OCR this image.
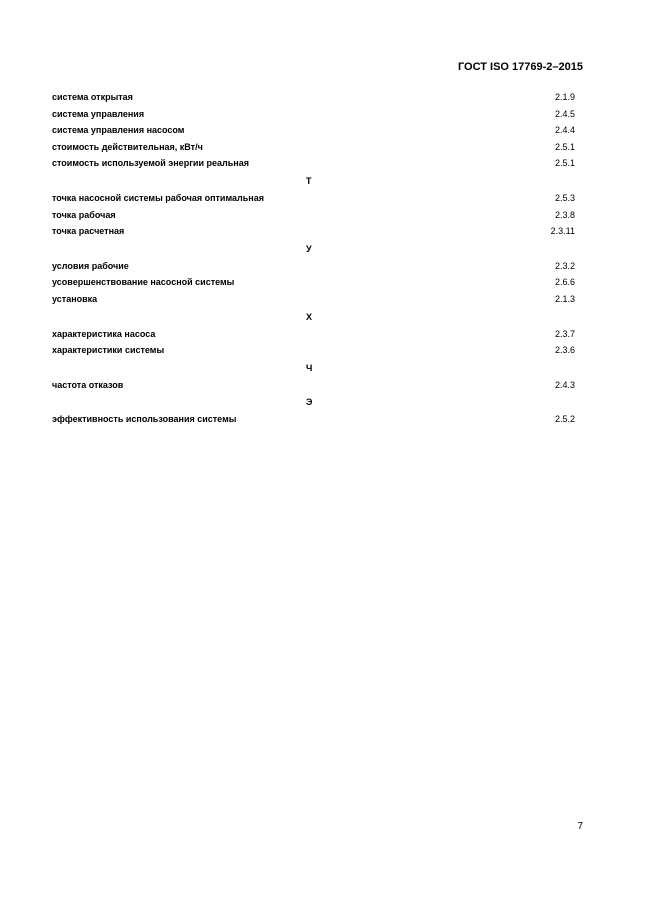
ГОСТ ISO 17769-2–2015
система открытая	2.1.9
система управления	2.4.5
система управления насосом	2.4.4
стоимость действительная, кВт/ч	2.5.1
стоимость используемой энергии реальная	2.5.1
Т
точка насосной системы рабочая оптимальная	2.5.3
точка рабочая	2.3.8
точка расчетная	2.3.11
У
условия рабочие	2.3.2
усовершенствование насосной системы	2.6.6
установка	2.1.3
Х
характеристика насоса	2.3.7
характеристики системы	2.3.6
Ч
частота отказов	2.4.3
Э
эффективность использования системы	2.5.2
7
